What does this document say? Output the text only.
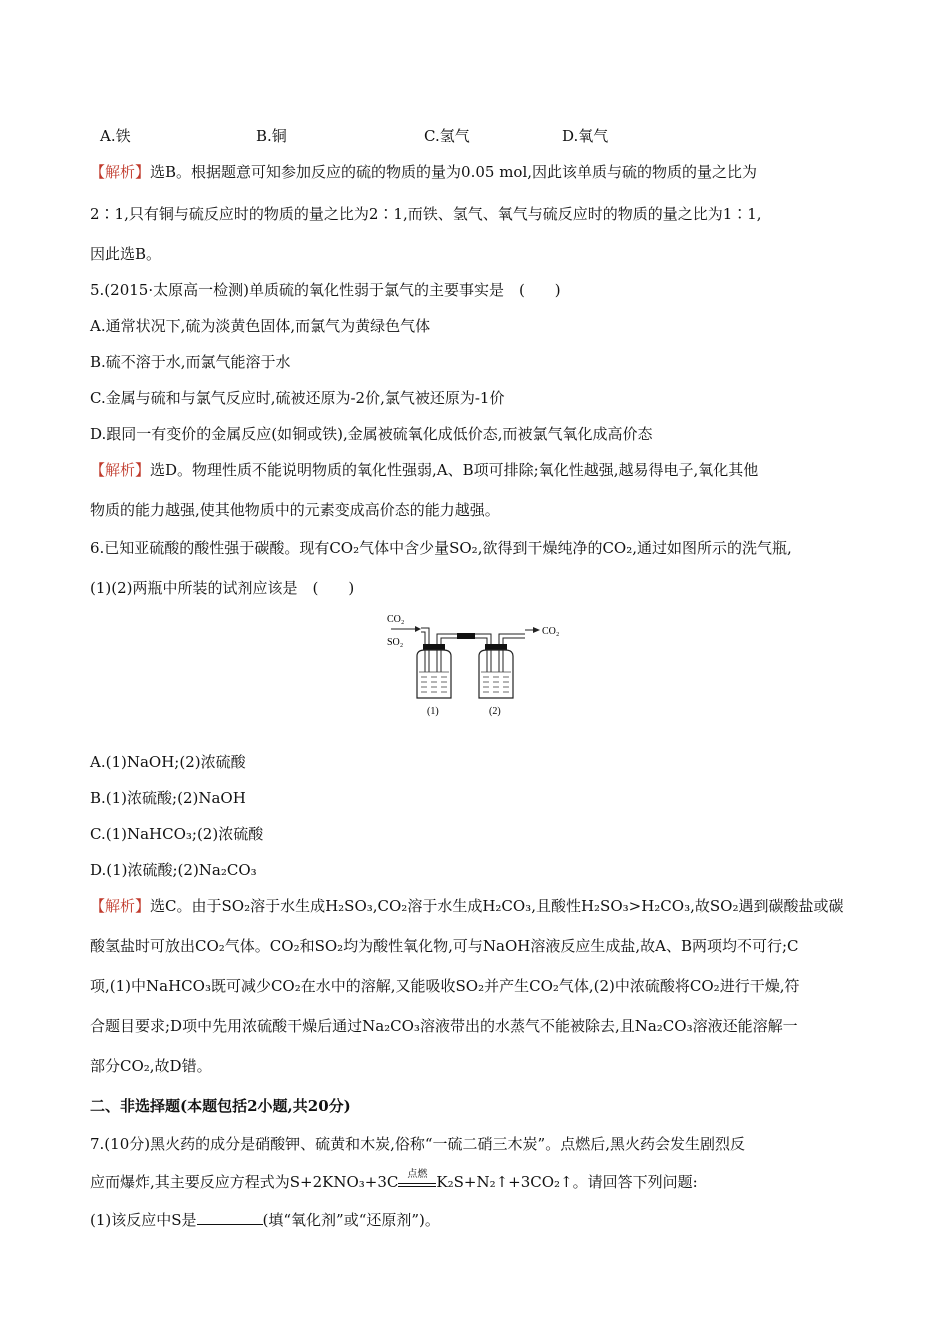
A.铁	B.铜	C.氢气	D.氧气
【解析】选B。根据题意可知参加反应的硫的物质的量为0.05 mol,因此该单质与硫的物质的量之比为
2∶1,只有铜与硫反应时的物质的量之比为2∶1,而铁、氢气、氧气与硫反应时的物质的量之比为1∶1,
因此选B。
5.(2015·太原高一检测)单质硫的氧化性弱于氯气的主要事实是　(　　)
A.通常状况下,硫为淡黄色固体,而氯气为黄绿色气体
B.硫不溶于水,而氯气能溶于水
C.金属与硫和与氯气反应时,硫被还原为-2价,氯气被还原为-1价
D.跟同一有变价的金属反应(如铜或铁),金属被硫氧化成低价态,而被氯气氧化成高价态
【解析】选D。物理性质不能说明物质的氧化性强弱,A、B项可排除;氧化性越强,越易得电子,氧化其他
物质的能力越强,使其他物质中的元素变成高价态的能力越强。
6.已知亚硫酸的酸性强于碳酸。现有CO₂气体中含少量SO₂,欲得到干燥纯净的CO₂,通过如图所示的洗气瓶,
(1)(2)两瓶中所装的试剂应该是　(　　)
CO₂
SO₂
CO₂
(1)	(2)
A.(1)NaOH;(2)浓硫酸
B.(1)浓硫酸;(2)NaOH
C.(1)NaHCO₃;(2)浓硫酸
D.(1)浓硫酸;(2)Na₂CO₃
【解析】选C。由于SO₂溶于水生成H₂SO₃,CO₂溶于水生成H₂CO₃,且酸性H₂SO₃>H₂CO₃,故SO₂遇到碳酸盐或碳
酸氢盐时可放出CO₂气体。CO₂和SO₂均为酸性氧化物,可与NaOH溶液反应生成盐,故A、B两项均不可行;C
项,(1)中NaHCO₃既可减少CO₂在水中的溶解,又能吸收SO₂并产生CO₂气体,(2)中浓硫酸将CO₂进行干燥,符
合题目要求;D项中先用浓硫酸干燥后通过Na₂CO₃溶液带出的水蒸气不能被除去,且Na₂CO₃溶液还能溶解一
部分CO₂,故D错。
二、非选择题(本题包括2小题,共20分)
7.(10分)黑火药的成分是硝酸钾、硫黄和木炭,俗称“一硫二硝三木炭”。点燃后,黑火药会发生剧烈反
应而爆炸,其主要反应方程式为S+2KNO₃+3C 点燃 K₂S+N₂↑+3CO₂↑。请回答下列问题:
(1)该反应中S是	(填“氧化剂”或“还原剂”)。
